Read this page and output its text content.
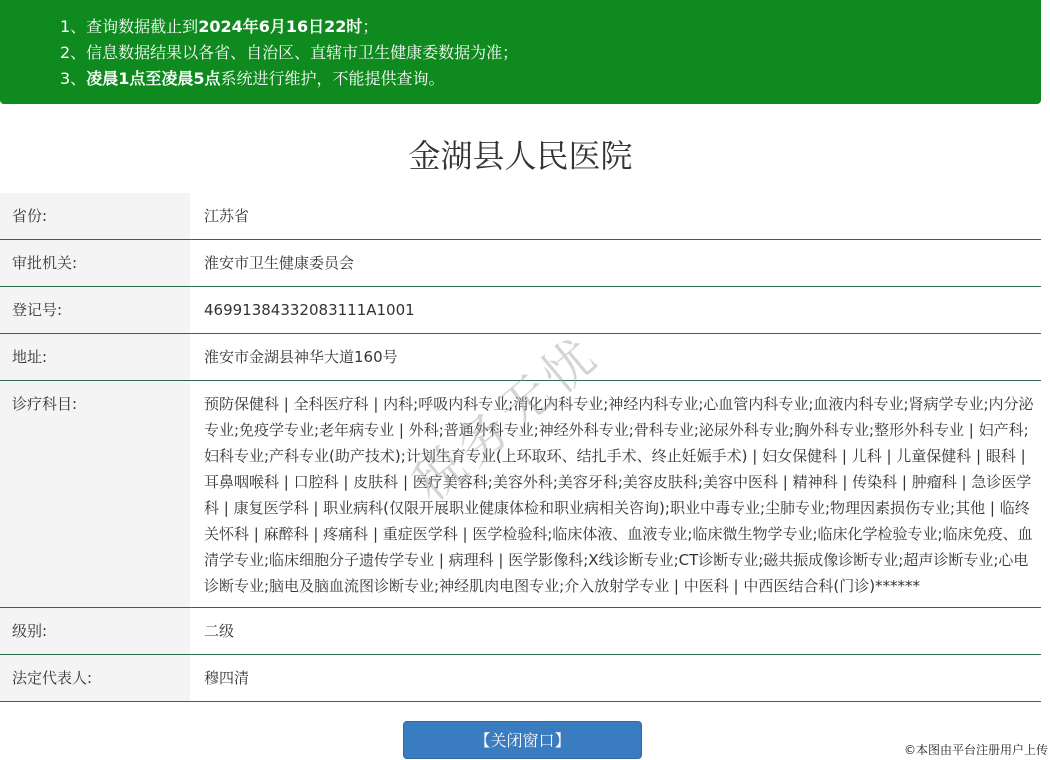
1、查询数据截止到2024年6月16日22时；
2、信息数据结果以各省、自治区、直辖市卫生健康委数据为准；
3、凌晨1点至凌晨5点系统进行维护，不能提供查询。
金湖县人民医院
省份:	江苏省
审批机关:	淮安市卫生健康委员会
登记号:	46991384332083111A1001
地址:	淮安市金湖县神华大道160号
诊疗科目:	预防保健科 | 全科医疗科 | 内科;呼吸内科专业;消化内科专业;神经内科专业;心血管内科专业;血液内科专业;肾病学专业;内分泌专业;免疫学专业;老年病专业 | 外科;普通外科专业;神经外科专业;骨科专业;泌尿外科专业;胸外科专业;整形外科专业 | 妇产科;妇科专业;产科专业(助产技术);计划生育专业(上环取环、结扎手术、终止妊娠手术) | 妇女保健科 | 儿科 | 儿童保健科 | 眼科 | 耳鼻咽喉科 | 口腔科 | 皮肤科 | 医疗美容科;美容外科;美容牙科;美容皮肤科;美容中医科 | 精神科 | 传染科 | 肿瘤科 | 急诊医学科 | 康复医学科 | 职业病科(仅限开展职业健康体检和职业病相关咨询);职业中毒专业;尘肺专业;物理因素损伤专业;其他 | 临终关怀科 | 麻醉科 | 疼痛科 | 重症医学科 | 医学检验科;临床体液、血液专业;临床微生物学专业;临床化学检验专业;临床免疫、血清学专业;临床细胞分子遗传学专业 | 病理科 | 医学影像科;X线诊断专业;CT诊断专业;磁共振成像诊断专业;超声诊断专业;心电诊断专业;脑电及脑血流图诊断专业;神经肌肉电图专业;介入放射学专业 | 中医科 | 中西医结合科(门诊)******
级别:	二级
法定代表人:	穆四清
税务无忧
【关闭窗口】	©本图由平台注册用户上传
